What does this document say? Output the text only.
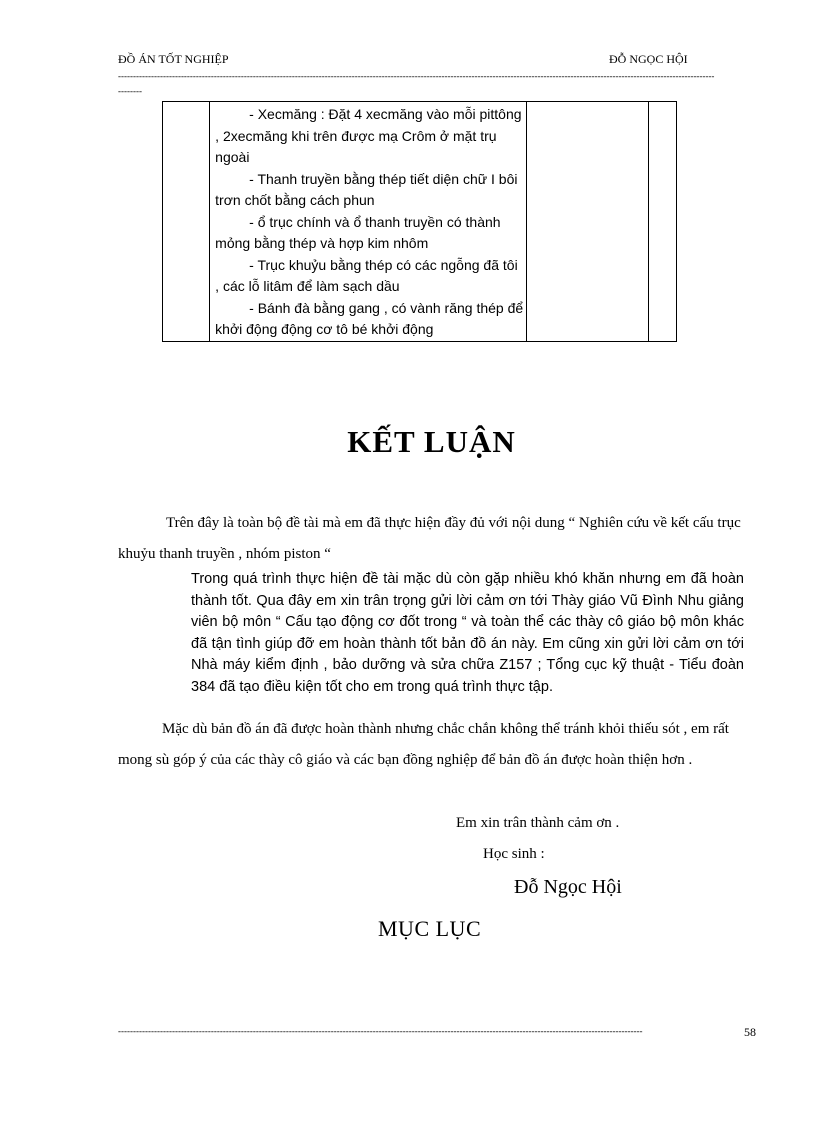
ĐỒ ÁN TỐT NGHIỆP	ĐỖ NGỌC HỘI
-------------------------------------------------------------------------------------------------------------------------------------------------------------------------------------------------------
--------

- Xecmăng : Đặt 4 xecmăng vào mỗi pittông , 2xecmăng khi trên được mạ Crôm ở mặt trụ ngoài

- Thanh truyền bằng thép tiết diện chữ I bôi trơn chốt bằng cách phun

- ổ trục chính và ổ thanh truyền có thành mỏng bằng thép và hợp kim nhôm

- Trục khuỷu bằng thép có các ngỗng đã tôi , các lỗ litâm để làm sạch dầu

- Bánh đà bằng gang , có vành răng thép để khởi động động cơ tô bé khởi động

KẾT LUẬN

Trên đây là toàn bộ đề tài mà em đã thực hiện đầy đủ với nội dung “ Nghiên cứu về kết cấu trục khuỷu thanh truyền , nhóm piston “

Trong quá trình thực hiện đề tài mặc dù còn gặp nhiều khó khăn nhưng em đã hoàn thành tốt. Qua đây em xin trân trọng gửi lời cảm ơn tới Thày giáo Vũ Đình Nhu giảng viên bộ môn “ Cấu tạo động cơ đốt trong “ và toàn thể các thày cô giáo bộ môn khác đã tận tình giúp đỡ em hoàn thành tốt bản đồ án này. Em cũng xin gửi lời cảm ơn tới Nhà máy kiểm định , bảo dưỡng và sửa chữa Z157 ; Tổng cục kỹ thuật - Tiểu đoàn 384 đã tạo điều kiện tốt cho em trong quá trình thực tập.

Mặc dù bản đồ án đã được hoàn thành nhưng chắc chắn không thể tránh khỏi thiếu sót , em rất mong sù góp ý của các thày cô giáo và các bạn đồng nghiệp để bản đồ án được hoàn thiện hơn .

Em xin trân thành cảm ơn .
Học sinh :
Đỗ Ngọc Hội
MỤC LỤC
-------------------------------------------------------------------------------------------------------------------------------------------------------------------------------	58
